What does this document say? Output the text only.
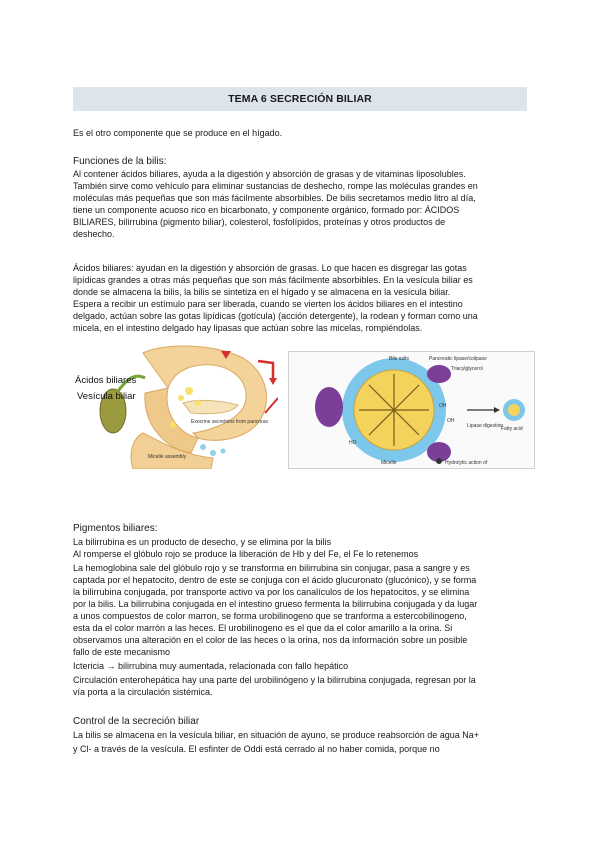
TEMA 6 SECRECIÓN BILIAR

Es el otro componente que se produce en el hígado.

Funciones de la bilis:

Al contener ácidos biliares, ayuda a la digestión y absorción de grasas y de vitaminas liposolubles.

También sirve como vehículo para eliminar sustancias de deshecho, rompe las moléculas grandes en

moléculas más pequeñas que son más fácilmente absorbibles. De bilis secretamos medio litro al día,

tiene un componente acuoso rico en bicarbonato, y componente orgánico, formado por: ÁCIDOS

BILIARES, bilirrubina (pigmento biliar), colesterol, fosfolípidos, proteínas y otros productos de

deshecho.

Ácidos biliares: ayudan en la digestión y absorción de grasas. Lo que hacen es disgregar las gotas

lipídicas grandes a otras más pequeñas que son más fácilmente absorbibles. En la vesícula biliar es

donde se almacena la bilis, la bilis se sintetiza en el hígado y se almacena en la vesícula biliar.

Espera a recibir un estímulo para ser liberada, cuando se vierten los ácidos biliares en el intestino

delgado, actúan sobre las gotas lipídicas (gotícula) (acción detergente), la rodean y forman como una

micela, en el intestino delgado hay lipasas que actúan sobre las micelas, rompiéndolas.

Exocrine secretions from pancreas
Micelle assembly
Ácidos biliares
Vesícula biliar
OH
OH
HO
Bile salts	Pancreatic lipase/colipase
Triacylglycerol
Lipase digestion
Fatty acid
Micelle	Hydrolytic action of

Pigmentos biliares:

La bilirrubina es un producto de desecho, y se elimina por la bilis

Al romperse el glóbulo rojo se produce la liberación de Hb y del Fe, el Fe lo retenemos

La hemoglobina sale del glóbulo rojo y se transforma en bilirrubina sin conjugar, pasa a sangre y es

captada por el hepatocito, dentro de este se conjuga con el ácido glucuronato (glucónico), y se forma

la bilirrubina conjugada, por transporte activo va por los canalículos de los hepatocitos, y se elimina

por la bilis. La bilirrubina conjugada en el intestino grueso fermenta la bilirrubina conjugada y da lugar

a unos compuestos de color marron, se forma urobilinogeno que se tranforma a estercobilinogeno,

esta da el color marrón a las heces. El urobilinogeno es el que da el color amarillo a la orina. Si

observamos una alteración en el color de las heces o la orina, nos da información sobre un posible

fallo de este mecanismo

Ictericia → bilirrubina muy aumentada, relacionada con fallo hepático

Circulación enterohepática hay una parte del urobilinógeno y la bilirrubina conjugada, regresan por la

vía porta a la circulación sistémica.

Control de la secreción biliar

La bilis se almacena en la vesícula biliar, en situación de ayuno, se produce reabsorción de agua Na+

y Cl- a través de la vesícula. El esfinter de Oddi está cerrado al no haber comida, porque no
